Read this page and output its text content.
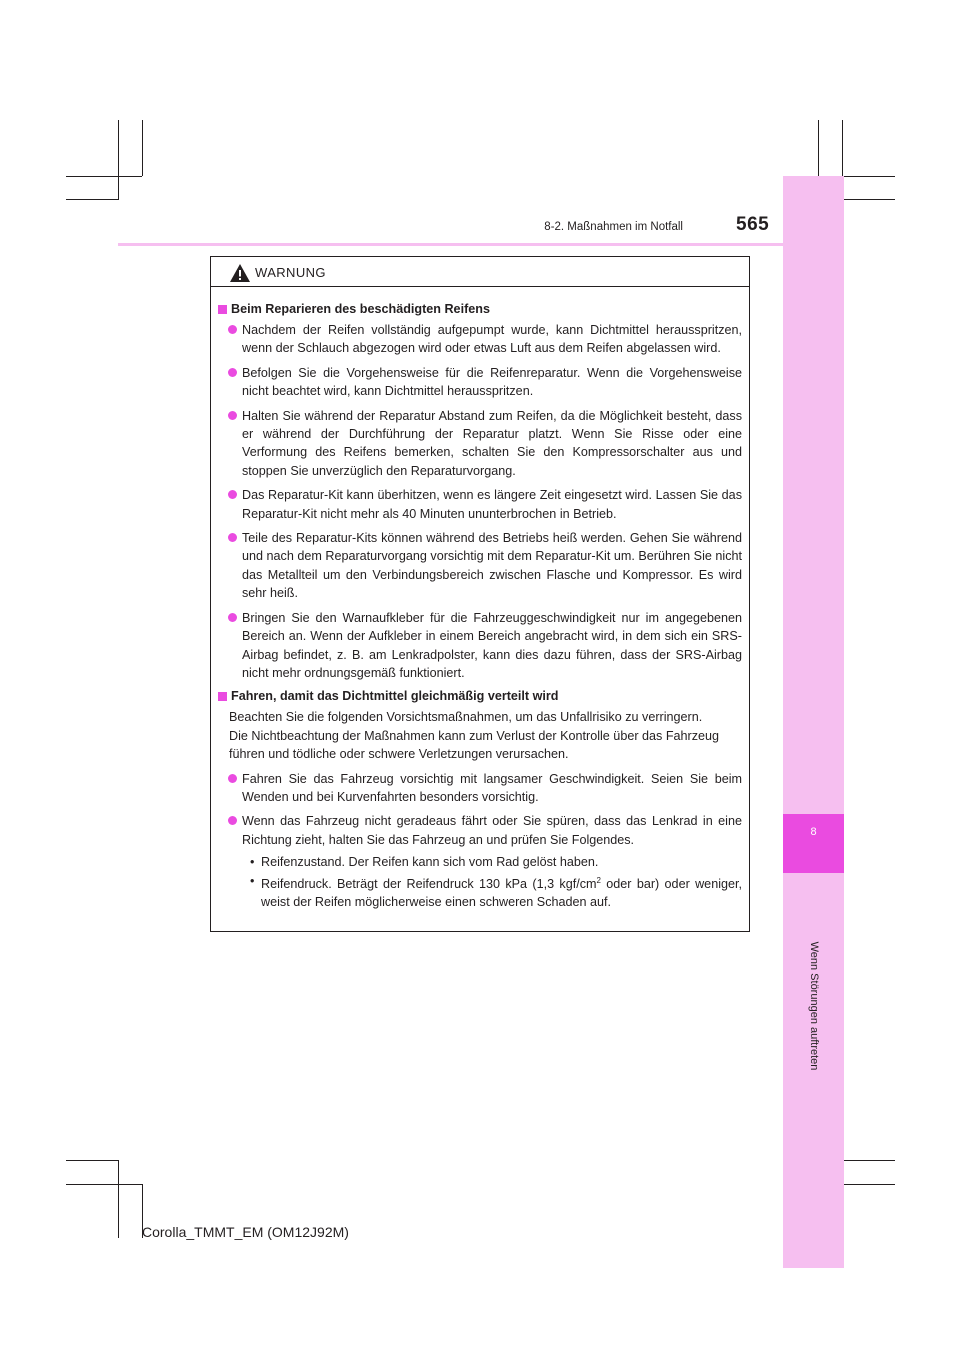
8
Wenn Störungen auftreten
8-2. Maßnahmen im Notfall	565
WARNUNG
Beim Reparieren des beschädigten Reifens
Nachdem der Reifen vollständig aufgepumpt wurde, kann Dichtmittel herausspritzen, wenn der Schlauch abgezogen wird oder etwas Luft aus dem Reifen abgelassen wird.
Befolgen Sie die Vorgehensweise für die Reifenreparatur. Wenn die Vorgehensweise nicht beachtet wird, kann Dichtmittel herausspritzen.
Halten Sie während der Reparatur Abstand zum Reifen, da die Möglichkeit besteht, dass er während der Durchführung der Reparatur platzt. Wenn Sie Risse oder eine Verformung des Reifens bemerken, schalten Sie den Kompressorschalter aus und stoppen Sie unverzüglich den Reparaturvorgang.
Das Reparatur-Kit kann überhitzen, wenn es längere Zeit eingesetzt wird. Lassen Sie das Reparatur-Kit nicht mehr als 40 Minuten ununterbrochen in Betrieb.
Teile des Reparatur-Kits können während des Betriebs heiß werden. Gehen Sie während und nach dem Reparaturvorgang vorsichtig mit dem Reparatur-Kit um. Berühren Sie nicht das Metallteil um den Verbindungsbereich zwischen Flasche und Kompressor. Es wird sehr heiß.
Bringen Sie den Warnaufkleber für die Fahrzeuggeschwindigkeit nur im angegebenen Bereich an. Wenn der Aufkleber in einem Bereich angebracht wird, in dem sich ein SRS-Airbag befindet, z. B. am Lenkradpolster, kann dies dazu führen, dass der SRS-Airbag nicht mehr ordnungsgemäß funktioniert.
Fahren, damit das Dichtmittel gleichmäßig verteilt wird
Beachten Sie die folgenden Vorsichtsmaßnahmen, um das Unfallrisiko zu verringern.
Die Nichtbeachtung der Maßnahmen kann zum Verlust der Kontrolle über das Fahrzeug führen und tödliche oder schwere Verletzungen verursachen.
Fahren Sie das Fahrzeug vorsichtig mit langsamer Geschwindigkeit. Seien Sie beim Wenden und bei Kurvenfahrten besonders vorsichtig.
Wenn das Fahrzeug nicht geradeaus fährt oder Sie spüren, dass das Lenkrad in eine Richtung zieht, halten Sie das Fahrzeug an und prüfen Sie Folgendes.
• Reifenzustand. Der Reifen kann sich vom Rad gelöst haben.
• Reifendruck. Beträgt der Reifendruck 130 kPa (1,3 kgf/$cm^2$ oder bar) oder weniger, weist der Reifen möglicherweise einen schweren Schaden auf.
Corolla_TMMT_EM (OM12J92M)
